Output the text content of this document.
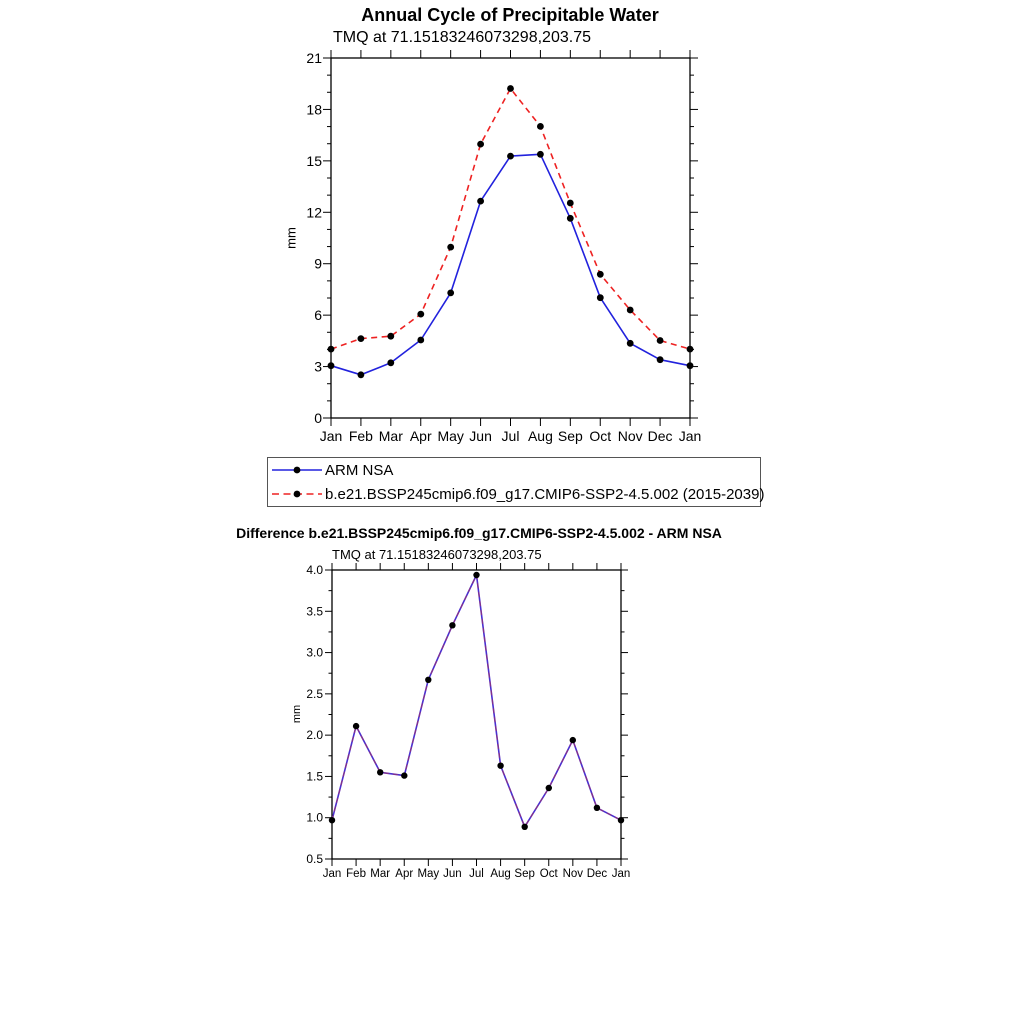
0
3
6
9
12
15
18
21
Jan Feb Mar Apr May Jun Jul Aug Sep Oct Nov Dec Jan
mm
0.5
1.0
1.5
2.0
2.5
3.0
3.5
4.0
Jan Feb Mar Apr May Jun Jul Aug Sep Oct Nov Dec Jan
mm
Annual Cycle of Precipitable Water
TMQ at 71.15183246073298,203.75
ARM NSA
b.e21.BSSP245cmip6.f09_g17.CMIP6-SSP2-4.5.002 (2015-2039)
Difference b.e21.BSSP245cmip6.f09_g17.CMIP6-SSP2-4.5.002 - ARM NSA
TMQ at 71.15183246073298,203.75
